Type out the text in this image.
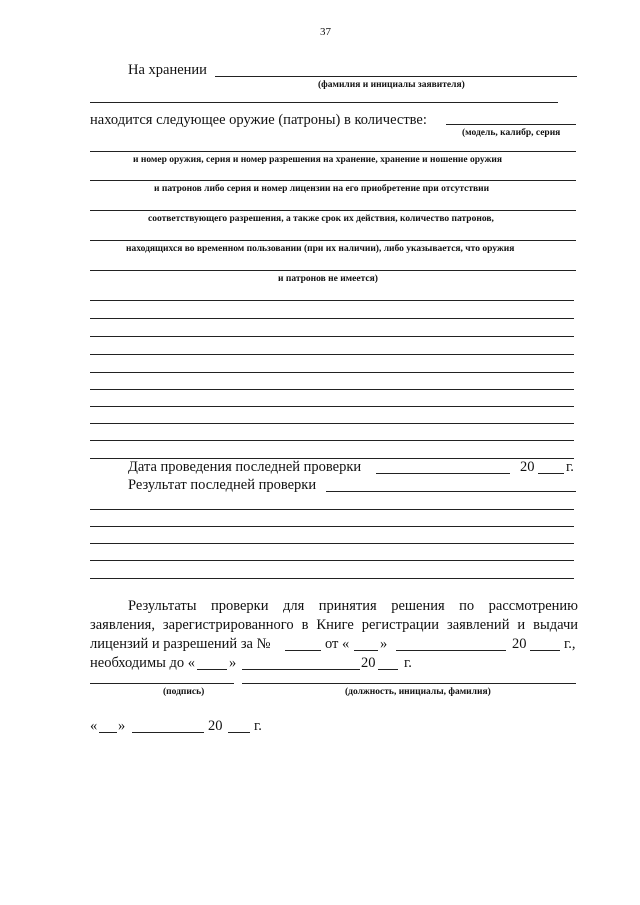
37
На хранении
(фамилия и инициалы заявителя)
находится следующее оружие (патроны) в количестве:
(модель, калибр, серия
и номер оружия, серия и номер разрешения на хранение, хранение и ношение оружия
и патронов либо серия и номер лицензии на его приобретение при отсутствии
соответствующего разрешения, а также срок их действия, количество патронов,
находящихся во временном пользовании (при их наличии), либо указывается, что оружия
и патронов не имеется)
Дата проведения последней проверки	20 г.
Результат последней проверки
Результаты проверки для принятия решения по рассмотрению
заявления, зарегистрированного в Книге регистрации заявлений и выдачи
лицензий и разрешений за №	от « »	20	г.,
необходимы до « »	20 г.
(подпись)	(должность, инициалы, фамилия)
« »	20 г.
